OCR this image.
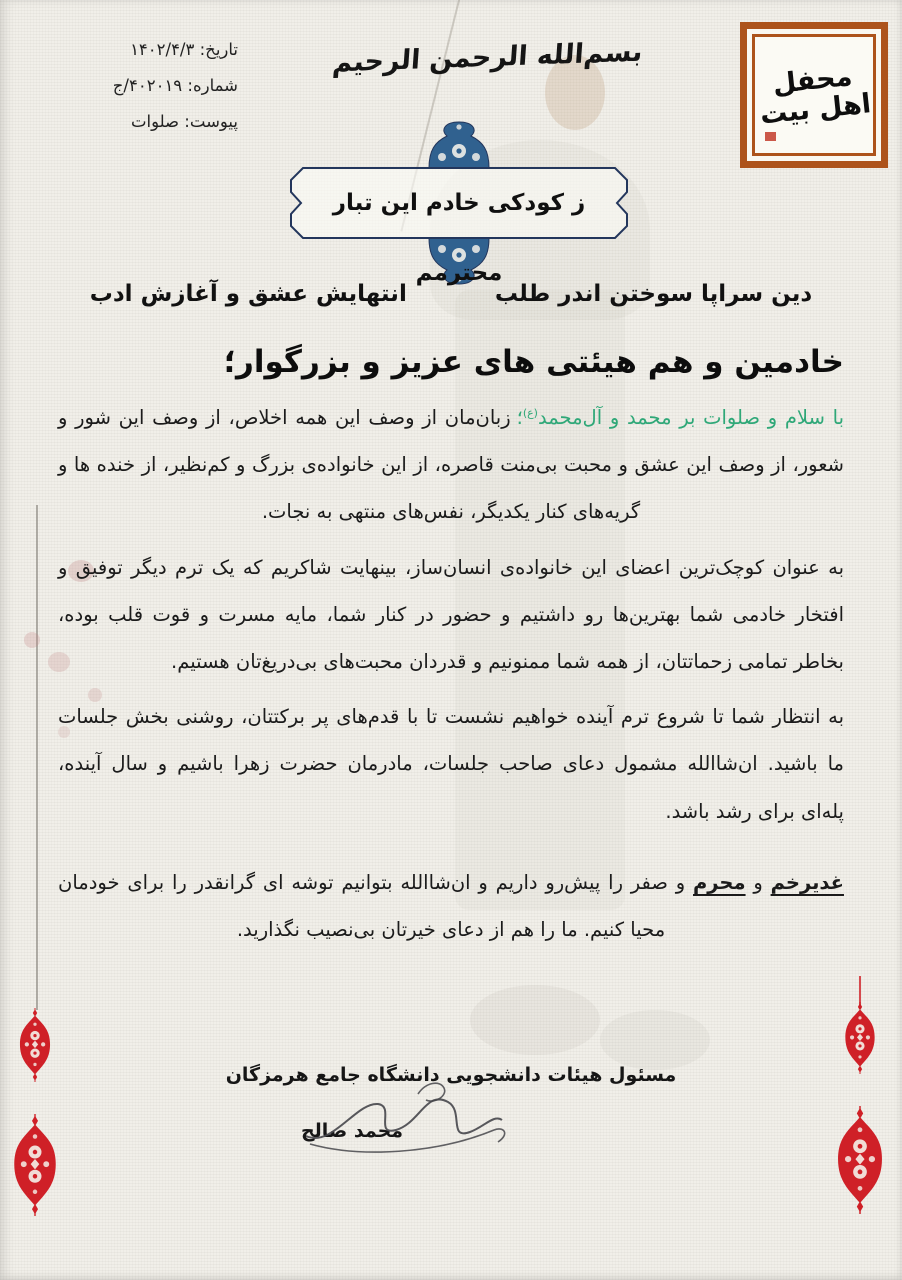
تاریخ: ۱۴۰۲/۴/۳
شماره: ۴۰۲۰۱۹/ج
پیوست: صلوات
بسم‌الله الرحمن الرحیم
محفل اهل بیت
ز کودکی خادم این تبار محترمم
دین سراپا سوختن اندر طلب
انتهایش عشق و آغازش ادب
خادمین و هم هیئتی های عزیز و بزرگوار؛

با سلام و صلوات بر محمد و آل‌محمد$^{(ع)}$؛زبان‌مان از وصف این همه اخلاص، از وصف این شور و شعور، از وصف این عشق و محبت بی‌منت قاصره، از این خانواده‌ی بزرگ و کم‌نظیر، از خنده ها و گریه‌های کنار یکدیگر، نفس‌های منتهی به نجات.

به عنوان کوچک‌ترین اعضای این خانواده‌ی انسان‌ساز، بینهایت شاکریم که یک ترم دیگر توفیق و افتخار خادمی شما بهترین‌ها رو داشتیم و حضور در کنار شما، مایه مسرت و قوت قلب بوده، بخاطر تمامی زحماتتان، از همه شما ممنونیم و قدردان محبت‌های بی‌دریغ‌تان هستیم.

به انتظار شما تا شروع ترم آینده خواهیم نشست تا با قدم‌های پر برکتتان، روشنی بخش جلسات ما باشید. ان‌شاالله مشمول دعای صاحب جلسات، مادرمان حضرت زهرا باشیم و سال آینده، پله‌ای برای رشد باشد.

غدیرخم و محرم و صفر را پیش‌رو داریم و ان‌شاالله بتوانیم توشه ای گرانقدر را برای خودمان محیا کنیم. ما را هم از دعای خیرتان بی‌نصیب نگذارید.

مسئول هیئات دانشجویی دانشگاه جامع هرمزگان
محمد صالح
